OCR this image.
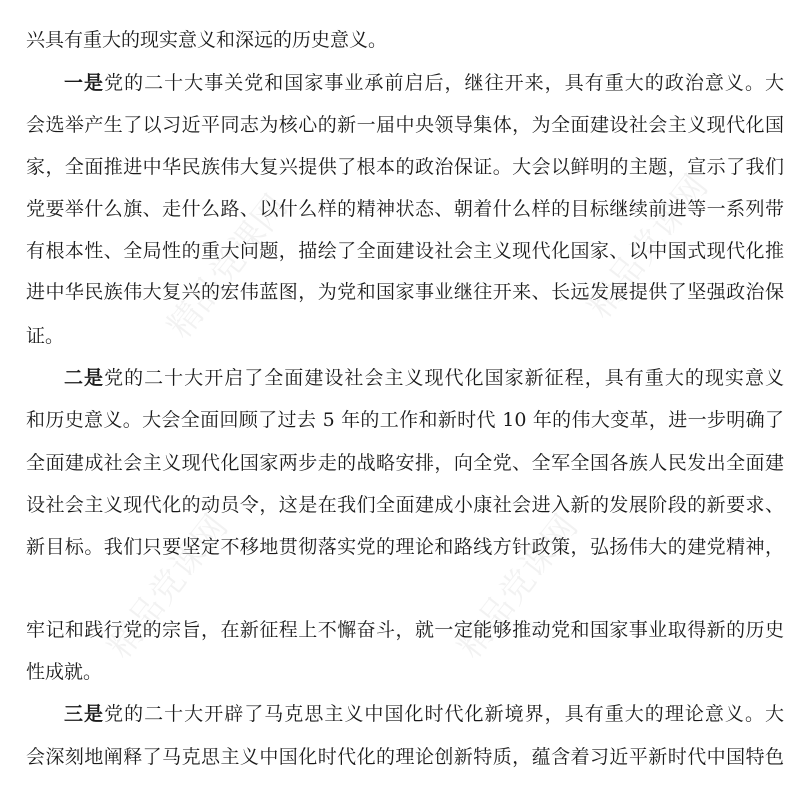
精品党课网	精品党课网
精品党课网	精品党课网
兴具有重大的现实意义和深远的历史意义。
一是党的二十大事关党和国家事业承前启后，继往开来，具有重大的政治意义。大
会选举产生了以习近平同志为核心的新一届中央领导集体，为全面建设社会主义现代化国
家，全面推进中华民族伟大复兴提供了根本的政治保证。大会以鲜明的主题，宣示了我们
党要举什么旗、走什么路、以什么样的精神状态、朝着什么样的目标继续前进等一系列带
有根本性、全局性的重大问题，描绘了全面建设社会主义现代化国家、以中国式现代化推
进中华民族伟大复兴的宏伟蓝图，为党和国家事业继往开来、长远发展提供了坚强政治保
证。
二是党的二十大开启了全面建设社会主义现代化国家新征程，具有重大的现实意义
和历史意义。大会全面回顾了过去 5 年的工作和新时代 10 年的伟大变革，进一步明确了
全面建成社会主义现代化国家两步走的战略安排，向全党、全军全国各族人民发出全面建
设社会主义现代化的动员令，这是在我们全面建成小康社会进入新的发展阶段的新要求、
新目标。我们只要坚定不移地贯彻落实党的理论和路线方针政策，弘扬伟大的建党精神，
牢记和践行党的宗旨，在新征程上不懈奋斗，就一定能够推动党和国家事业取得新的历史
性成就。
三是党的二十大开辟了马克思主义中国化时代化新境界，具有重大的理论意义。大
会深刻地阐释了马克思主义中国化时代化的理论创新特质，蕴含着习近平新时代中国特色
